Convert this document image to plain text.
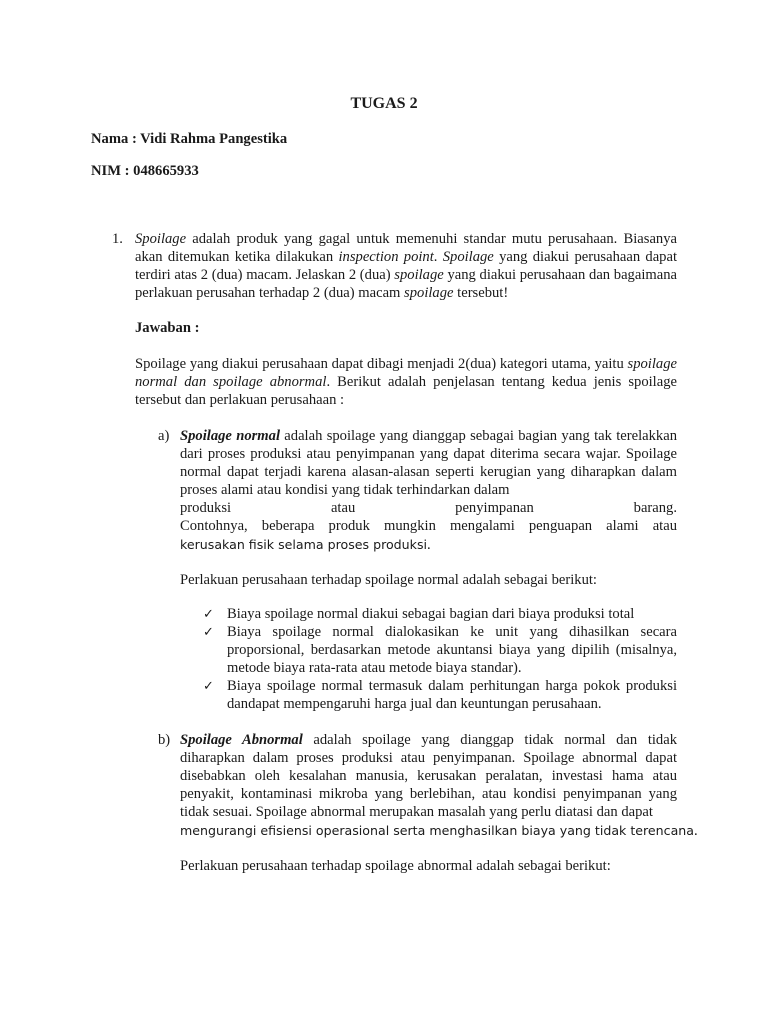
TUGAS 2
Nama : Vidi Rahma Pangestika
NIM : 048665933
1. Spoilage adalah produk yang gagal untuk memenuhi standar mutu perusahaan. Biasanya akan ditemukan ketika dilakukan inspection point. Spoilage yang diakui perusahaan dapat terdiri atas 2 (dua) macam. Jelaskan 2 (dua) spoilage yang diakui perusahaan dan bagaimana perlakuan perusahan terhadap 2 (dua) macam spoilage tersebut!

Jawaban :

Spoilage yang diakui perusahaan dapat dibagi menjadi 2(dua) kategori utama, yaitu spoilage normal dan spoilage abnormal. Berikut adalah penjelasan tentang kedua jenis spoilage tersebut dan perlakuan perusahaan :

a) Spoilage normal adalah spoilage yang dianggap sebagai bagian yang tak terelakkan dari proses produksi atau penyimpanan yang dapat diterima secara wajar. Spoilage normal dapat terjadi karena alasan-alasan seperti kerugian yang diharapkan dalam proses alami atau kondisi yang tidak terhindarkan dalam

produksi	atau	penyimpanan	barang.

Contohnya, beberapa produk mungkin mengalami penguapan alami atau

kerusakan fisik selama proses produksi.
Perlakuan perusahaan terhadap spoilage normal adalah sebagai berikut:
✓ Biaya spoilage normal diakui sebagai bagian dari biaya produksi total

✓ Biaya spoilage normal dialokasikan ke unit yang dihasilkan secara proporsional, berdasarkan metode akuntansi biaya yang dipilih (misalnya, metode biaya rata-rata atau metode biaya standar).

✓ Biaya spoilage normal termasuk dalam perhitungan harga pokok produksi dandapat mempengaruhi harga jual dan keuntungan perusahaan.

b) Spoilage Abnormal adalah spoilage yang dianggap tidak normal dan tidak diharapkan dalam proses produksi atau penyimpanan. Spoilage abnormal dapat disebabkan oleh kesalahan manusia, kerusakan peralatan, investasi hama atau penyakit, kontaminasi mikroba yang berlebihan, atau kondisi penyimpanan yang tidak sesuai. Spoilage abnormal merupakan masalah yang perlu diatasi dan dapat

mengurangi efisiensi operasional serta menghasilkan biaya yang tidak terencana.
Perlakuan perusahaan terhadap spoilage abnormal adalah sebagai berikut:
